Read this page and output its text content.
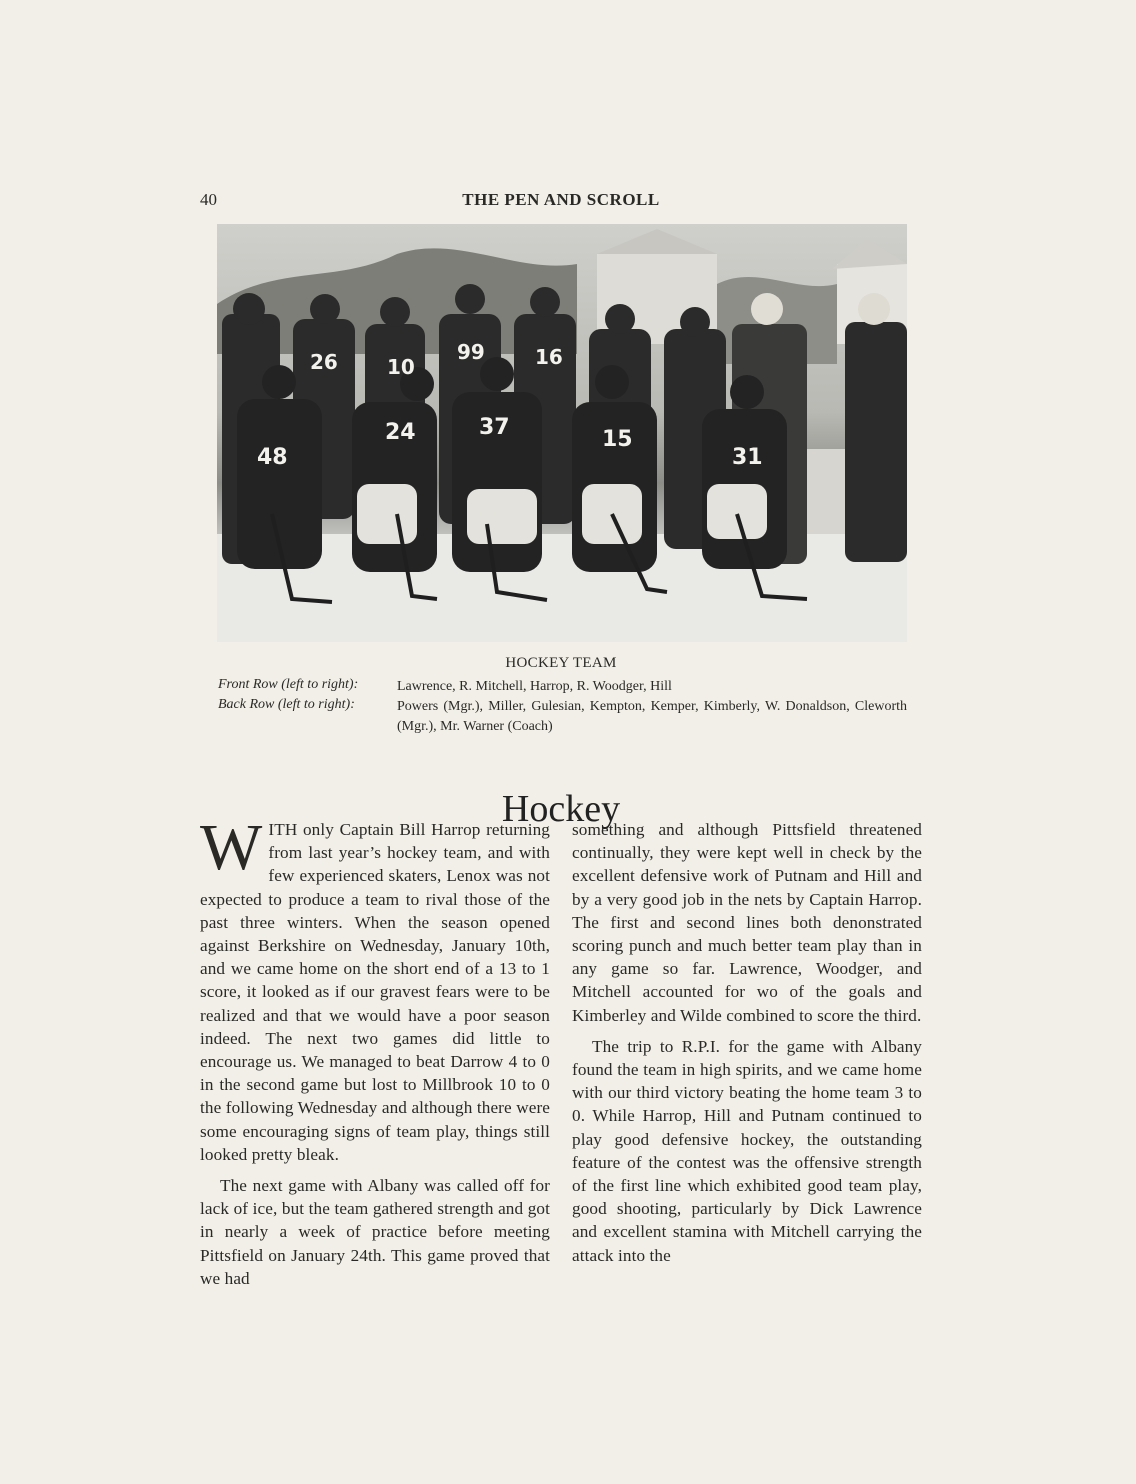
40	THE PEN AND SCROLL
26 10
99	16
48
24	37	15
31
HOCKEY TEAM
Front Row (left to right):	Lawrence, R. Mitchell, Harrop, R. Woodger, Hill
Back Row (left to right):	Powers (Mgr.), Miller, Gulesian, Kempton, Kemper, Kimberly, W. Donaldson, Cleworth (Mgr.), Mr. Warner (Coach)
Hockey

WITH only Captain Bill Harrop returning from last year’s hockey team, and with few experienced skaters, Lenox was not expected to produce a team to rival those of the past three winters. When the season opened against Berkshire on Wednesday, January 10th, and we came home on the short end of a 13 to 1 score, it looked as if our gravest fears were to be realized and that we would have a poor season indeed. The next two games did little to encourage us. We managed to beat Darrow 4 to 0 in the second game but lost to Millbrook 10 to 0 the following Wednesday and although there were some encouraging signs of team play, things still looked pretty bleak.

The next game with Albany was called off for lack of ice, but the team gathered strength and got in nearly a week of practice before meeting Pittsfield on January 24th. This game proved that we had

something and although Pittsfield threatened continually, they were kept well in check by the excellent defensive work of Putnam and Hill and by a very good job in the nets by Captain Harrop. The first and second lines both denonstrated scoring punch and much better team play than in any game so far. Lawrence, Woodger, and Mitchell accounted for wo of the goals and Kimberley and Wilde combined to score the third.

The trip to R.P.I. for the game with Albany found the team in high spirits, and we came home with our third victory beating the home team 3 to 0. While Harrop, Hill and Putnam continued to play good defensive hockey, the outstanding feature of the contest was the offensive strength of the first line which exhibited good team play, good shooting, particularly by Dick Lawrence and excellent stamina with Mitchell carrying the attack into the
